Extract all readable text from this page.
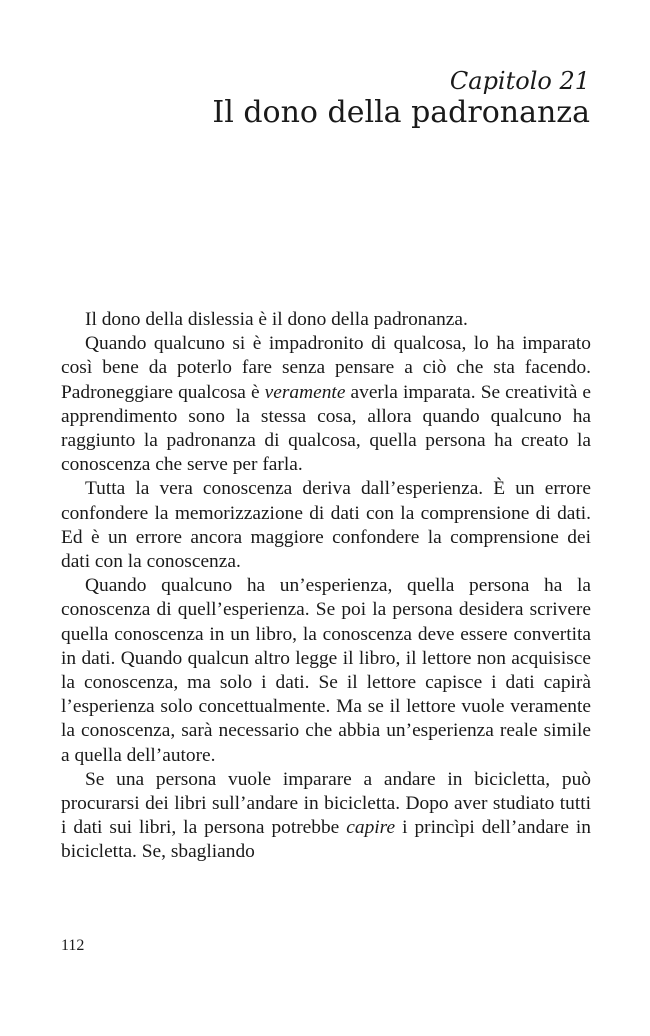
Capitolo 21
Il dono della padronanza

Il dono della dislessia è il dono della padronanza.

Quando qualcuno si è impadronito di qualcosa, lo ha imparato così bene da poterlo fare senza pensare a ciò che sta facendo. Padroneggiare qualcosa è veramente averla imparata. Se creatività e apprendimento sono la stessa cosa, allora quando qualcuno ha raggiunto la padronanza di qualcosa, quella persona ha creato la conoscenza che serve per farla.

Tutta la vera conoscenza deriva dall’esperienza. È un errore confondere la memorizzazione di dati con la comprensione di dati. Ed è un errore ancora maggiore confondere la comprensione dei dati con la conoscenza.

Quando qualcuno ha un’esperienza, quella persona ha la conoscenza di quell’esperienza. Se poi la persona desidera scrivere quella conoscenza in un libro, la conoscenza deve essere convertita in dati. Quando qualcun altro legge il libro, il lettore non acquisisce la conoscenza, ma solo i dati. Se il lettore capisce i dati capirà l’esperienza solo concettualmente. Ma se il lettore vuole veramente la conoscenza, sarà necessario che abbia un’esperienza reale simile a quella dell’autore.

Se una persona vuole imparare a andare in bicicletta, può procurarsi dei libri sull’andare in bicicletta. Dopo aver studiato tutti i dati sui libri, la persona potrebbe capire i princìpi dell’andare in bicicletta. Se, sbagliando

112
